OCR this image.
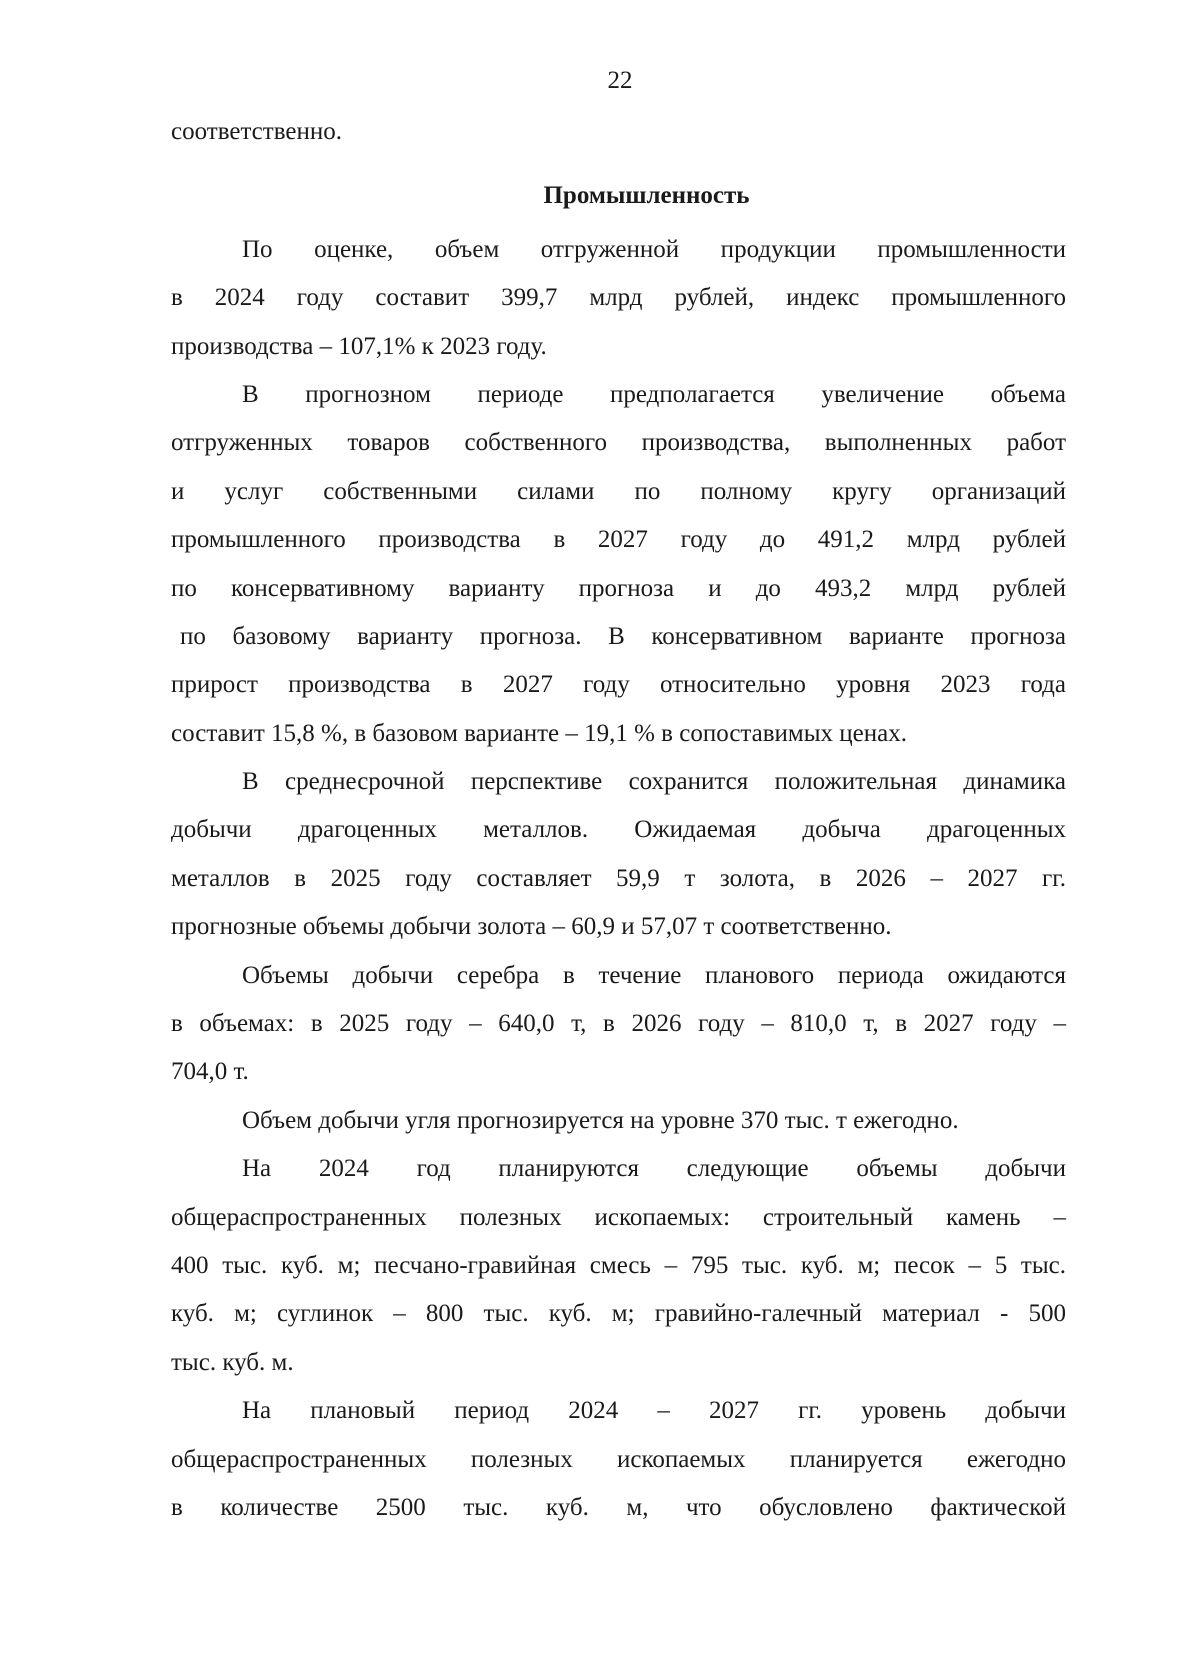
22
соответственно.
Промышленность
По оценке, объем отгруженной продукции промышленности
в 2024 году составит 399,7 млрд рублей, индекс промышленного
производства – 107,1% к 2023 году.
В прогнозном периоде предполагается увеличение объема
отгруженных товаров собственного производства, выполненных работ
и услуг собственными силами по полному кругу организаций
промышленного производства в 2027 году до 491,2 млрд рублей
по консервативному варианту прогноза и до 493,2 млрд рублей
по базовому варианту прогноза. В консервативном варианте прогноза
прирост производства в 2027 году относительно уровня 2023 года
составит 15,8 %, в базовом варианте – 19,1 % в сопоставимых ценах.
В среднесрочной перспективе сохранится положительная динамика
добычи драгоценных металлов. Ожидаемая добыча драгоценных
металлов в 2025 году составляет 59,9 т золота, в 2026 – 2027 гг.
прогнозные объемы добычи золота – 60,9 и 57,07 т соответственно.
Объемы добычи серебра в течение планового периода ожидаются
в объемах: в 2025 году – 640,0 т, в 2026 году – 810,0 т, в 2027 году –
704,0 т.
Объем добычи угля прогнозируется на уровне 370 тыс. т ежегодно.
На 2024 год планируются следующие объемы добычи
общераспространенных полезных ископаемых: строительный камень –
400 тыс. куб. м; песчано-гравийная смесь – 795 тыс. куб. м; песок – 5 тыс.
куб. м; суглинок – 800 тыс. куб. м; гравийно-галечный материал - 500
тыс. куб. м.
На плановый период 2024 – 2027 гг. уровень добычи
общераспространенных полезных ископаемых планируется ежегодно
в количестве 2500 тыс. куб. м, что обусловлено фактической
